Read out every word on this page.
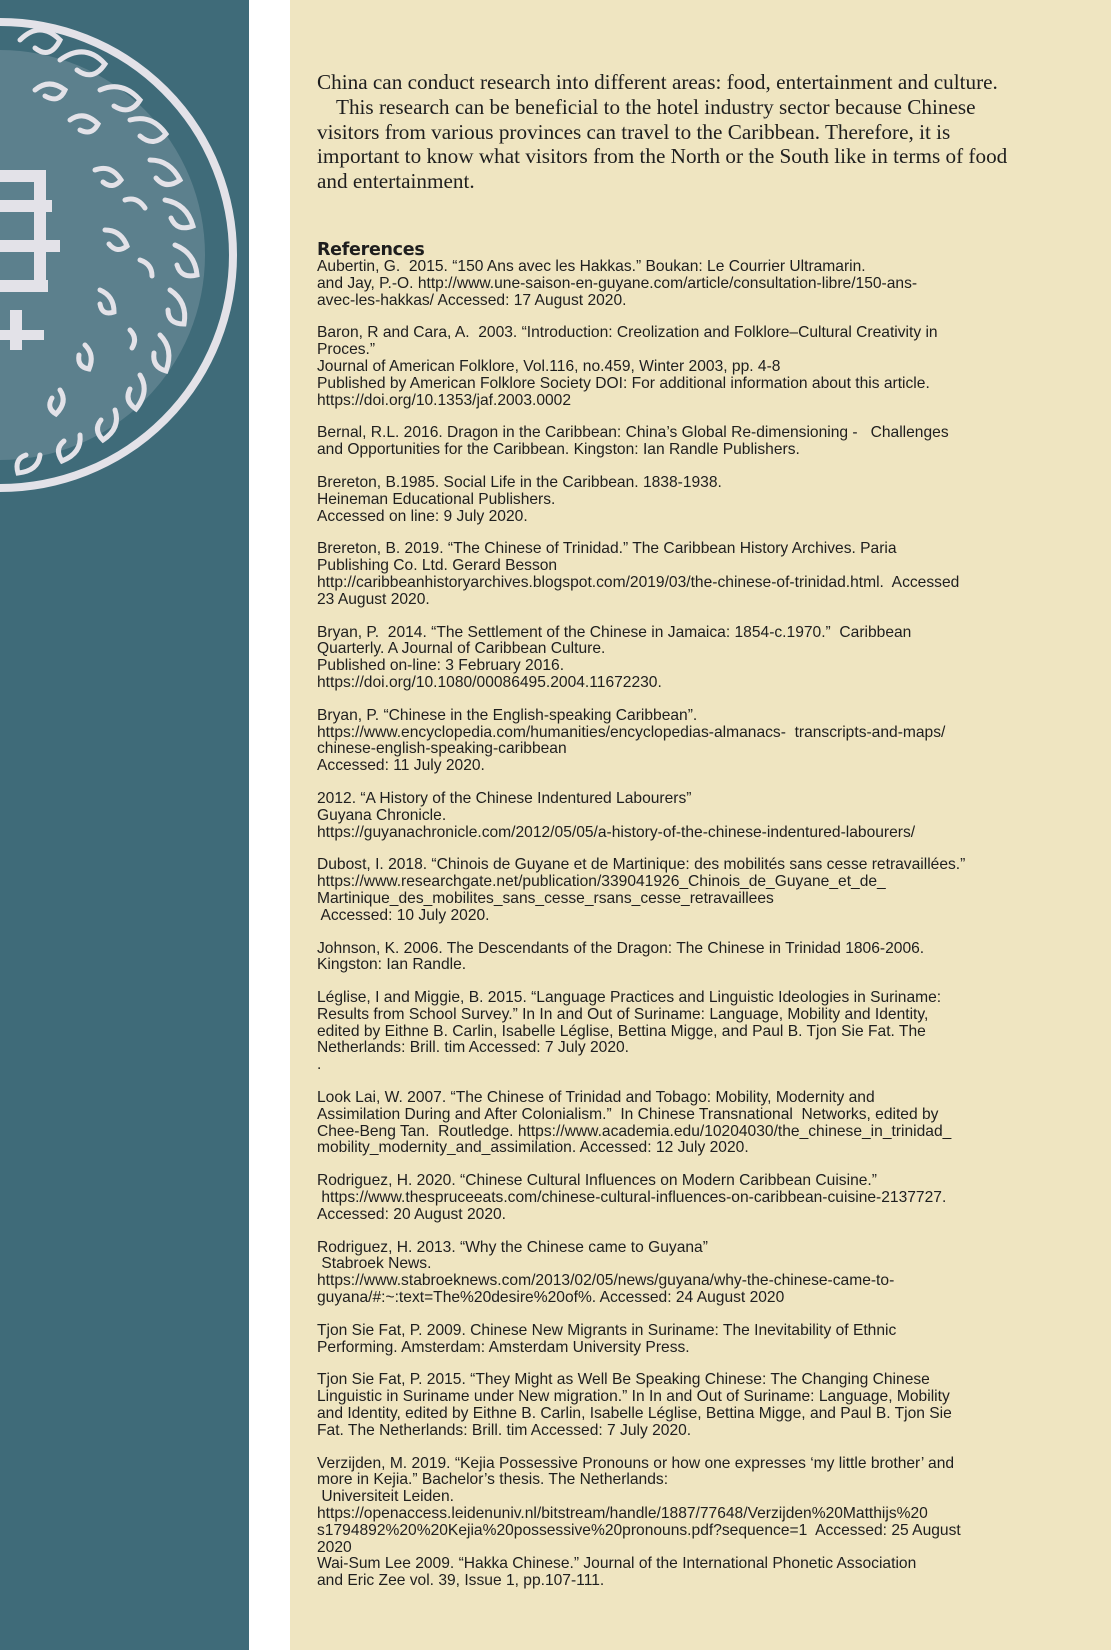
China can conduct research into different areas: food, entertainment and culture.

This research can be beneficial to the hotel industry sector because Chinese visitors from various provinces can travel to the Caribbean. Therefore, it is important to know what visitors from the North or the South like in terms of food and entertainment.

References
Aubertin, G.  2015. “150 Ans avec les Hakkas.” Boukan: Le Courrier Ultramarin.
and Jay, P.-O. http://www.une-saison-en-guyane.com/article/consultation-libre/150-ans-
avec-les-hakkas/ Accessed: 17 August 2020.
Baron, R and Cara, A.  2003. “Introduction: Creolization and Folklore–Cultural Creativity in
Proces.”
Journal of American Folklore, Vol.116, no.459, Winter 2003, pp. 4-8
Published by American Folklore Society DOI: For additional information about this article.
https://doi.org/10.1353/jaf.2003.0002
Bernal, R.L. 2016. Dragon in the Caribbean: China’s Global Re-dimensioning -   Challenges
and Opportunities for the Caribbean. Kingston: Ian Randle Publishers.
Brereton, B.1985. Social Life in the Caribbean. 1838-1938.
Heineman Educational Publishers.
Accessed on line: 9 July 2020.
Brereton, B. 2019. “The Chinese of Trinidad.” The Caribbean History Archives. Paria
Publishing Co. Ltd. Gerard Besson
http://caribbeanhistoryarchives.blogspot.com/2019/03/the-chinese-of-trinidad.html.  Accessed
23 August 2020.
Bryan, P.  2014. “The Settlement of the Chinese in Jamaica: 1854-c.1970.”  Caribbean
Quarterly. A Journal of Caribbean Culture.
Published on-line: 3 February 2016.
https://doi.org/10.1080/00086495.2004.11672230.
Bryan, P. “Chinese in the English-speaking Caribbean”.
https://www.encyclopedia.com/humanities/encyclopedias-almanacs-  transcripts-and-maps/
chinese-english-speaking-caribbean
Accessed: 11 July 2020.
2012. “A History of the Chinese Indentured Labourers”
Guyana Chronicle.
https://guyanachronicle.com/2012/05/05/a-history-of-the-chinese-indentured-labourers/
Dubost, I. 2018. “Chinois de Guyane et de Martinique: des mobilités sans cesse retravaillées.”
https://www.researchgate.net/publication/339041926_Chinois_de_Guyane_et_de_
Martinique_des_mobilites_sans_cesse_rsans_cesse_retravaillees
Accessed: 10 July 2020.
Johnson, K. 2006. The Descendants of the Dragon: The Chinese in Trinidad 1806-2006.
Kingston: Ian Randle.
Léglise, I and Miggie, B. 2015. “Language Practices and Linguistic Ideologies in Suriname:
Results from School Survey.” In In and Out of Suriname: Language, Mobility and Identity,
edited by Eithne B. Carlin, Isabelle Léglise, Bettina Migge, and Paul B. Tjon Sie Fat. The
Netherlands: Brill. tim Accessed: 7 July 2020.
.
Look Lai, W. 2007. “The Chinese of Trinidad and Tobago: Mobility, Modernity and
Assimilation During and After Colonialism.”  In Chinese Transnational  Networks, edited by
Chee-Beng Tan.  Routledge. https://www.academia.edu/10204030/the_chinese_in_trinidad_
mobility_modernity_and_assimilation. Accessed: 12 July 2020.
Rodriguez, H. 2020. “Chinese Cultural Influences on Modern Caribbean Cuisine.”
https://www.thespruceeats.com/chinese-cultural-influences-on-caribbean-cuisine-2137727.
Accessed: 20 August 2020.
Rodriguez, H. 2013. “Why the Chinese came to Guyana”
Stabroek News.
https://www.stabroeknews.com/2013/02/05/news/guyana/why-the-chinese-came-to-
guyana/#:~:text=The%20desire%20of%. Accessed: 24 August 2020
Tjon Sie Fat, P. 2009. Chinese New Migrants in Suriname: The Inevitability of Ethnic
Performing. Amsterdam: Amsterdam University Press.
Tjon Sie Fat, P. 2015. “They Might as Well Be Speaking Chinese: The Changing Chinese
Linguistic in Suriname under New migration.” In In and Out of Suriname: Language, Mobility
and Identity, edited by Eithne B. Carlin, Isabelle Léglise, Bettina Migge, and Paul B. Tjon Sie
Fat. The Netherlands: Brill. tim Accessed: 7 July 2020.
Verzijden, M. 2019. “Kejia Possessive Pronouns or how one expresses ‘my little brother’ and
more in Kejia.” Bachelor’s thesis. The Netherlands:
Universiteit Leiden.
https://openaccess.leidenuniv.nl/bitstream/handle/1887/77648/Verzijden%20Matthijs%20
s1794892%20%20Kejia%20possessive%20pronouns.pdf?sequence=1  Accessed: 25 August
2020
Wai-Sum Lee 2009. “Hakka Chinese.” Journal of the International Phonetic Association
and Eric Zee vol. 39, Issue 1, pp.107-111.
